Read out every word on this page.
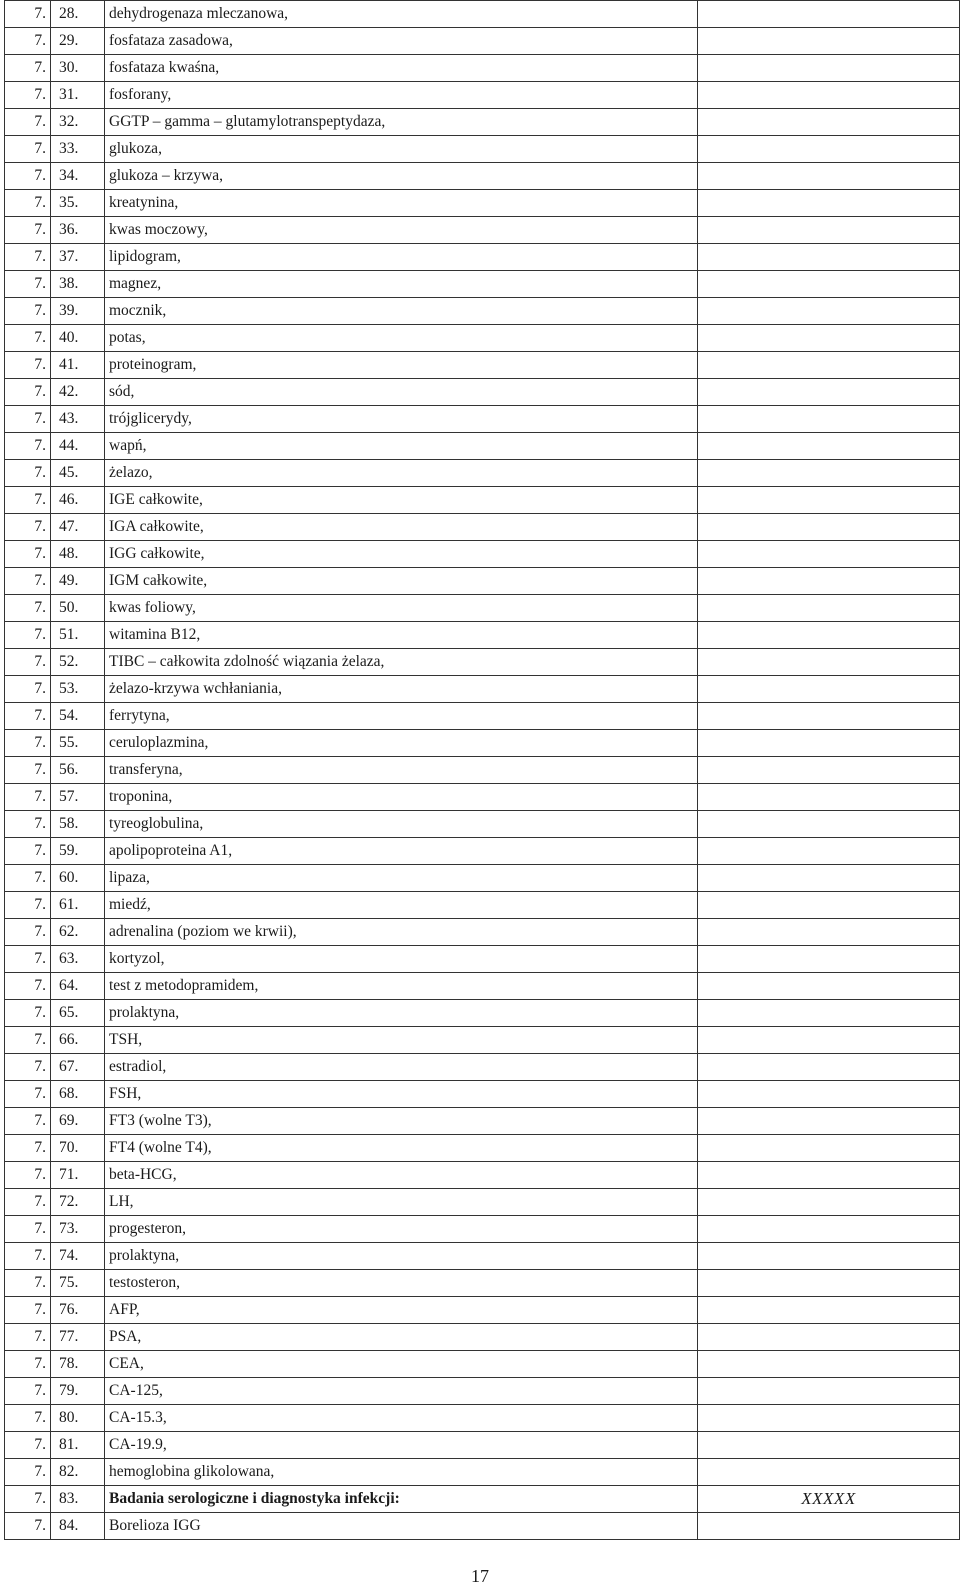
7.	28.	dehydrogenaza mleczanowa,	
7.	29.	fosfataza zasadowa,	
7.	30.	fosfataza kwaśna,	
7.	31.	fosforany,	
7.	32.	GGTP – gamma – glutamylotranspeptydaza,	
7.	33.	glukoza,	
7.	34.	glukoza – krzywa,	
7.	35.	kreatynina,	
7.	36.	kwas moczowy,	
7.	37.	lipidogram,	
7.	38.	magnez,	
7.	39.	mocznik,	
7.	40.	potas,	
7.	41.	proteinogram,	
7.	42.	sód,	
7.	43.	trójglicerydy,	
7.	44.	wapń,	
7.	45.	żelazo,	
7.	46.	IGE całkowite,	
7.	47.	IGA całkowite,	
7.	48.	IGG całkowite,	
7.	49.	IGM całkowite,	
7.	50.	kwas foliowy,	
7.	51.	witamina B12,	
7.	52.	TIBC – całkowita zdolność wiązania żelaza,	
7.	53.	żelazo-krzywa wchłaniania,	
7.	54.	ferrytyna,	
7.	55.	ceruloplazmina,	
7.	56.	transferyna,	
7.	57.	troponina,	
7.	58.	tyreoglobulina,	
7.	59.	apolipoproteina A1,	
7.	60.	lipaza,	
7.	61.	miedź,	
7.	62.	adrenalina (poziom we krwii),	
7.	63.	kortyzol,	
7.	64.	test z metodopramidem,	
7.	65.	prolaktyna,	
7.	66.	TSH,	
7.	67.	estradiol,	
7.	68.	FSH,	
7.	69.	FT3 (wolne T3),	
7.	70.	FT4 (wolne T4),	
7.	71.	beta-HCG,	
7.	72.	LH,	
7.	73.	progesteron,	
7.	74.	prolaktyna,	
7.	75.	testosteron,	
7.	76.	AFP,	
7.	77.	PSA,	
7.	78.	CEA,	
7.	79.	CA-125,	
7.	80.	CA-15.3,	
7.	81.	CA-19.9,	
7.	82.	hemoglobina glikolowana,	
7.	83.	Badania serologiczne i diagnostyka infekcji:	XXXXX
7.	84.	Borelioza IGG	
17
